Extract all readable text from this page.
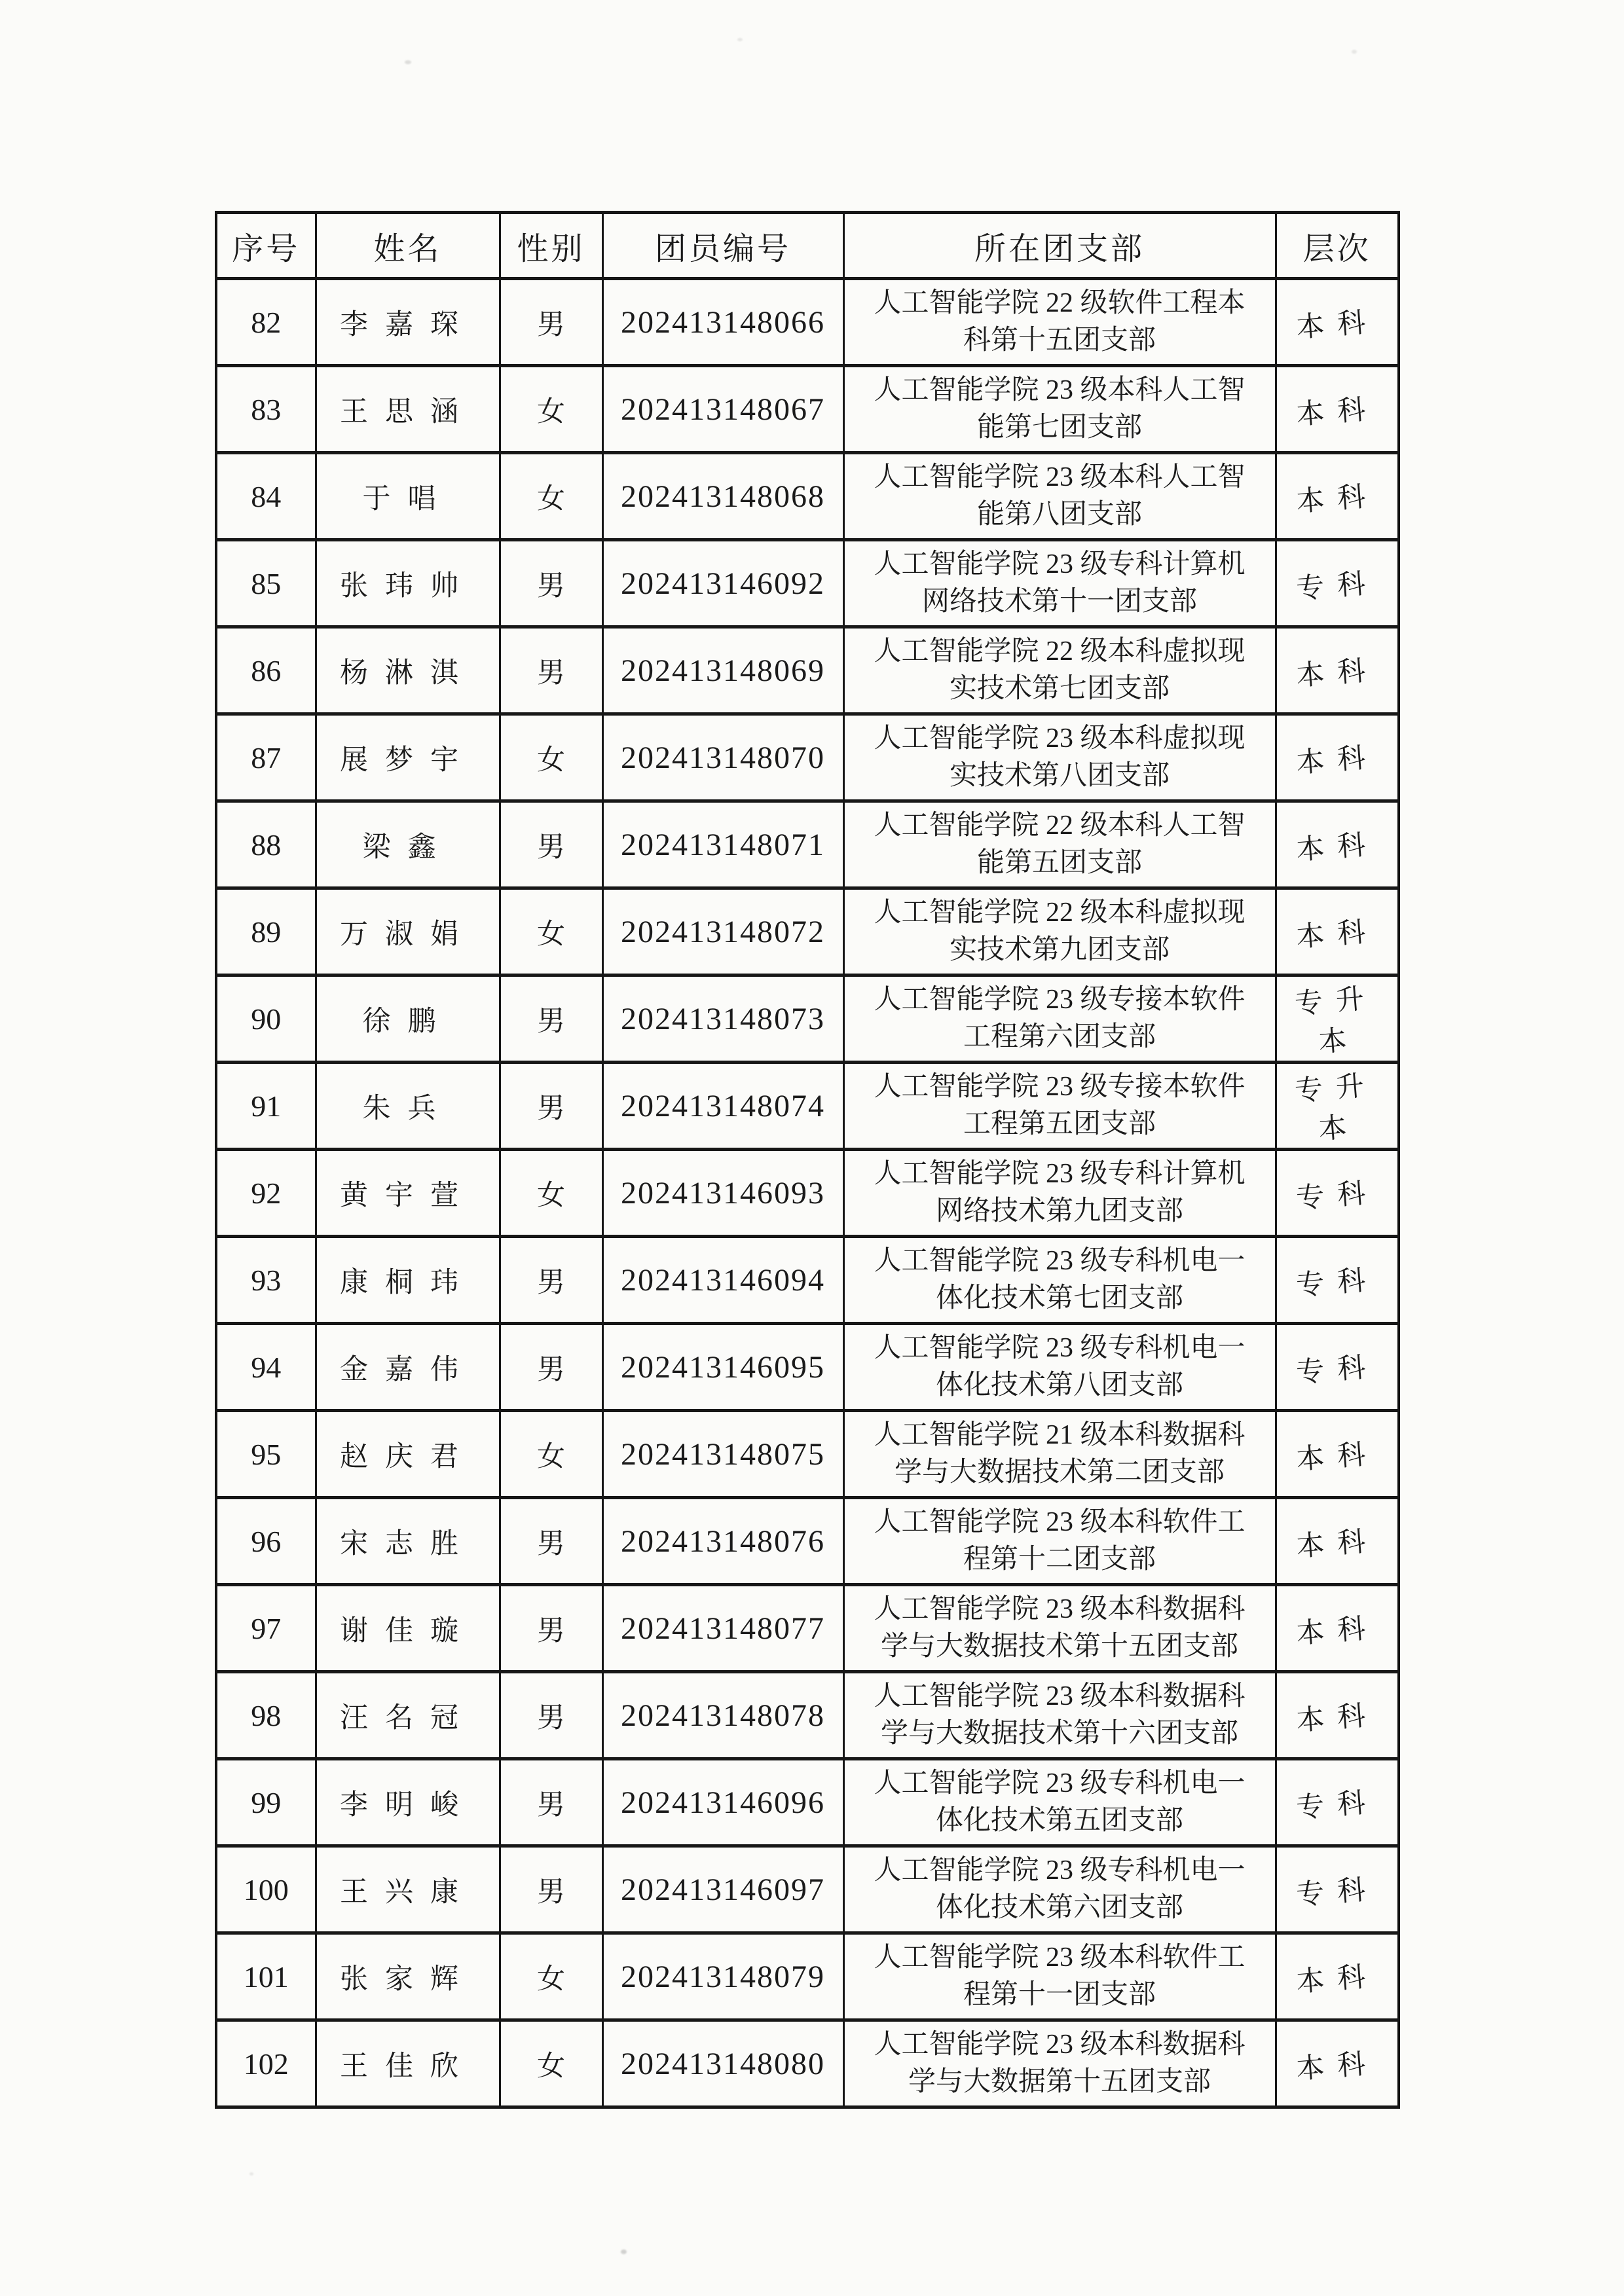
序号	姓名	性别	团员编号	所在团支部	层次
82	李嘉琛	男	202413148066	人工智能学院 22 级软件工程本科第十五团支部	本科
83	王思涵	女	202413148067	人工智能学院 23 级本科人工智能第七团支部	本科
84	于唱	女	202413148068	人工智能学院 23 级本科人工智能第八团支部	本科
85	张玮帅	男	202413146092	人工智能学院 23 级专科计算机网络技术第十一团支部	专科
86	杨淋淇	男	202413148069	人工智能学院 22 级本科虚拟现实技术第七团支部	本科
87	展梦宇	女	202413148070	人工智能学院 23 级本科虚拟现实技术第八团支部	本科
88	梁鑫	男	202413148071	人工智能学院 22 级本科人工智能第五团支部	本科
89	万淑娟	女	202413148072	人工智能学院 22 级本科虚拟现实技术第九团支部	本科
90	徐鹏	男	202413148073	人工智能学院 23 级专接本软件工程第六团支部	专升本
91	朱兵	男	202413148074	人工智能学院 23 级专接本软件工程第五团支部	专升本
92	黄宇萱	女	202413146093	人工智能学院 23 级专科计算机网络技术第九团支部	专科
93	康桐玮	男	202413146094	人工智能学院 23 级专科机电一体化技术第七团支部	专科
94	金嘉伟	男	202413146095	人工智能学院 23 级专科机电一体化技术第八团支部	专科
95	赵庆君	女	202413148075	人工智能学院 21 级本科数据科学与大数据技术第二团支部	本科
96	宋志胜	男	202413148076	人工智能学院 23 级本科软件工程第十二团支部	本科
97	谢佳璇	男	202413148077	人工智能学院 23 级本科数据科学与大数据技术第十五团支部	本科
98	汪名冠	男	202413148078	人工智能学院 23 级本科数据科学与大数据技术第十六团支部	本科
99	李明峻	男	202413146096	人工智能学院 23 级专科机电一体化技术第五团支部	专科
100	王兴康	男	202413146097	人工智能学院 23 级专科机电一体化技术第六团支部	专科
101	张家辉	女	202413148079	人工智能学院 23 级本科软件工程第十一团支部	本科
102	王佳欣	女	202413148080	人工智能学院 23 级本科数据科学与大数据第十五团支部	本科
